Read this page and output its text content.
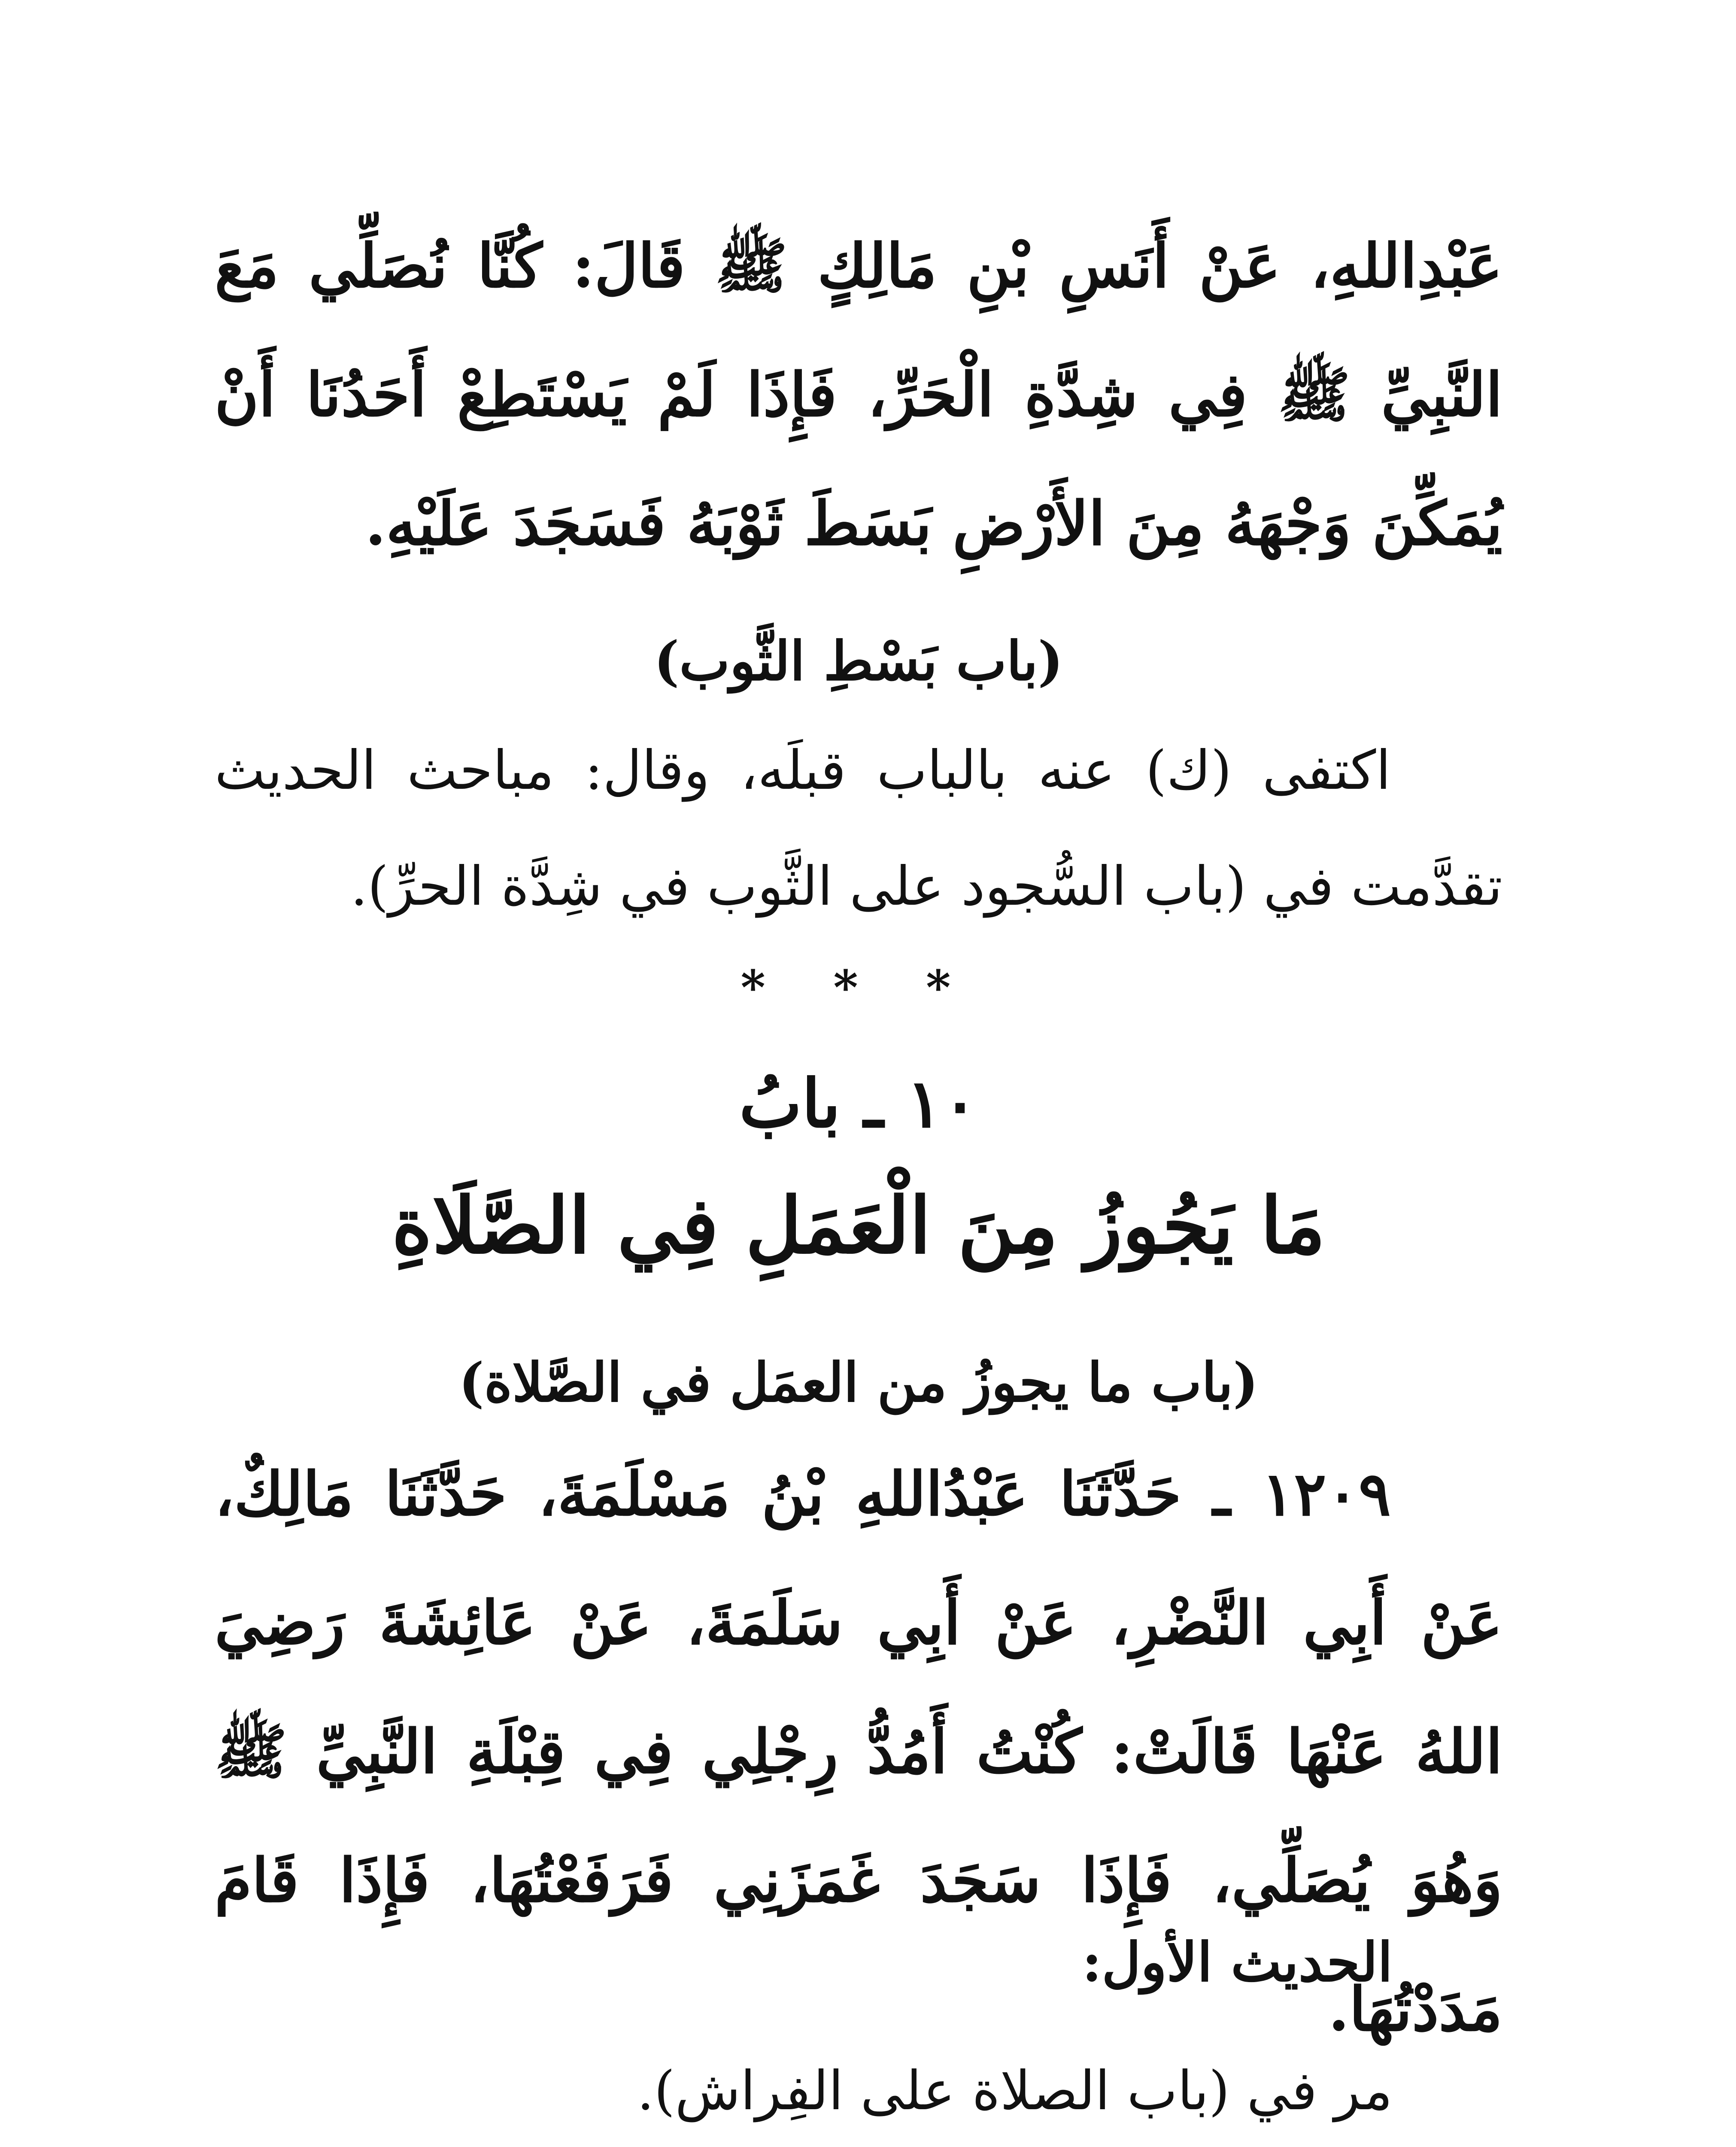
عَبْدِاللهِ، عَنْ أَنَسِ بْنِ مَالِكٍ ﷺ قَالَ: كُنَّا نُصَلِّي مَعَ النَّبِيِّ ﷺ فِي شِدَّةِ الْحَرِّ، فَإِذَا لَمْ يَسْتَطِعْ أَحَدُنَا أَنْ يُمَكِّنَ وَجْهَهُ مِنَ الأَرْضِ بَسَطَ ثَوْبَهُ فَسَجَدَ عَلَيْهِ.
(باب بَسْطِ الثَّوب)
اكتفى (ك) عنه بالباب قبلَه، وقال: مباحث الحديث تقدَّمت في (باب السُّجود على الثَّوب في شِدَّة الحرِّ).
* * *
١٠ ـ بابُ
مَا يَجُوزُ مِنَ الْعَمَلِ فِي الصَّلَاةِ
(باب ما يجوزُ من العمَل في الصَّلاة)
١٢٠٩ ـ حَدَّثَنَا عَبْدُاللهِ بْنُ مَسْلَمَةَ، حَدَّثَنَا مَالِكٌ، عَنْ أَبِي النَّضْرِ، عَنْ أَبِي سَلَمَةَ، عَنْ عَائِشَةَ رَضِيَ اللهُ عَنْهَا قَالَتْ: كُنْتُ أَمُدُّ رِجْلِي فِي قِبْلَةِ النَّبِيِّ ﷺ وَهُوَ يُصَلِّي، فَإِذَا سَجَدَ غَمَزَنِي فَرَفَعْتُهَا، فَإِذَا قَامَ مَدَدْتُهَا.
الحديث الأول:
مر في (باب الصلاة على الفِراش).
